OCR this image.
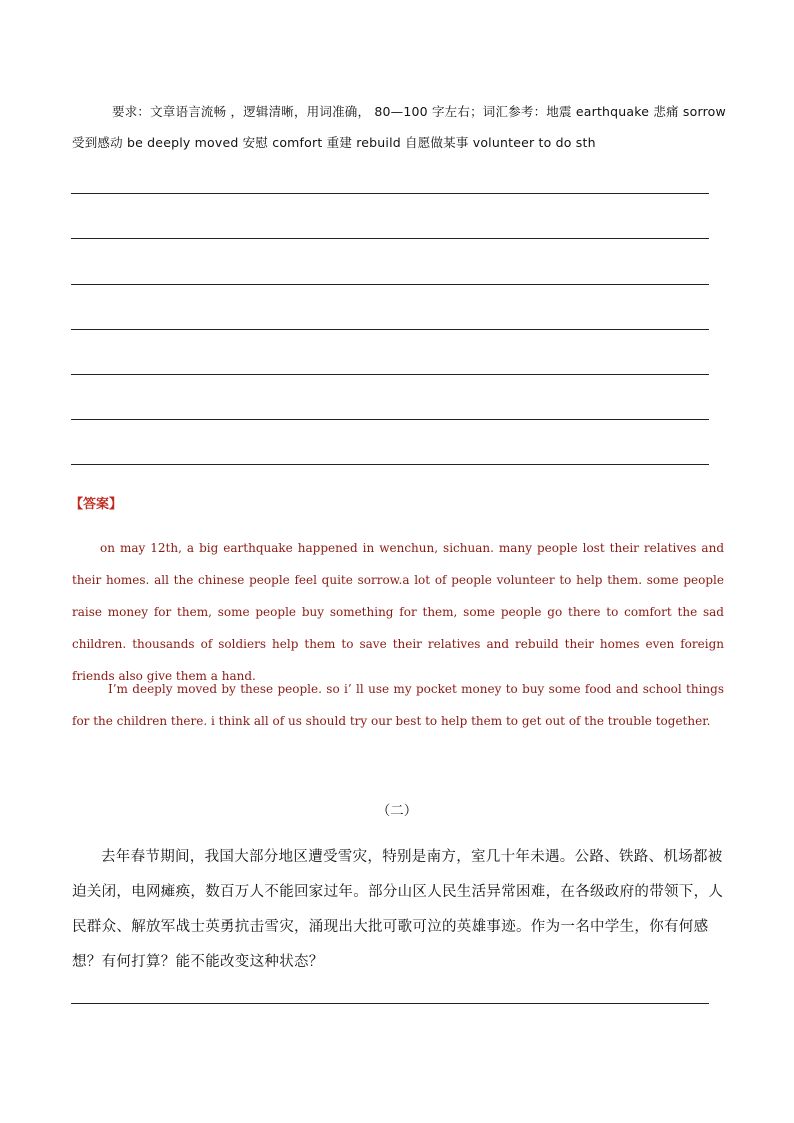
要求：文章语言流畅 ，逻辑清晰，用词准确， 80—100 字左右；词汇参考：地震 earthquake 悲痛 sorrow 受到感动 be deeply moved 安慰 comfort 重建 rebuild 自愿做某事 volunteer to do sth
【答案】
on may 12th, a big earthquake happened in wenchun, sichuan. many people lost their relatives and their homes. all the chinese people feel quite sorrow.a lot of people volunteer to help them. some people raise money for them, some people buy something for them, some people go there to comfort the sad children. thousands of soldiers help them to save their relatives and rebuild their homes even foreign friends also give them a hand.
I’m deeply moved by these people. so i’ ll use my pocket money to buy some food and school things for the children there. i think all of us should try our best to help them to get out of the trouble together.
（二）
去年春节期间，我国大部分地区遭受雪灾，特别是南方，室几十年未遇。公路、铁路、机场都被迫关闭，电网瘫痪，数百万人不能回家过年。部分山区人民生活异常困难，在各级政府的带领下，人民群众、解放军战士英勇抗击雪灾，涌现出大批可歌可泣的英雄事迹。作为一名中学生，你有何感想？有何打算？能不能改变这种状态？
